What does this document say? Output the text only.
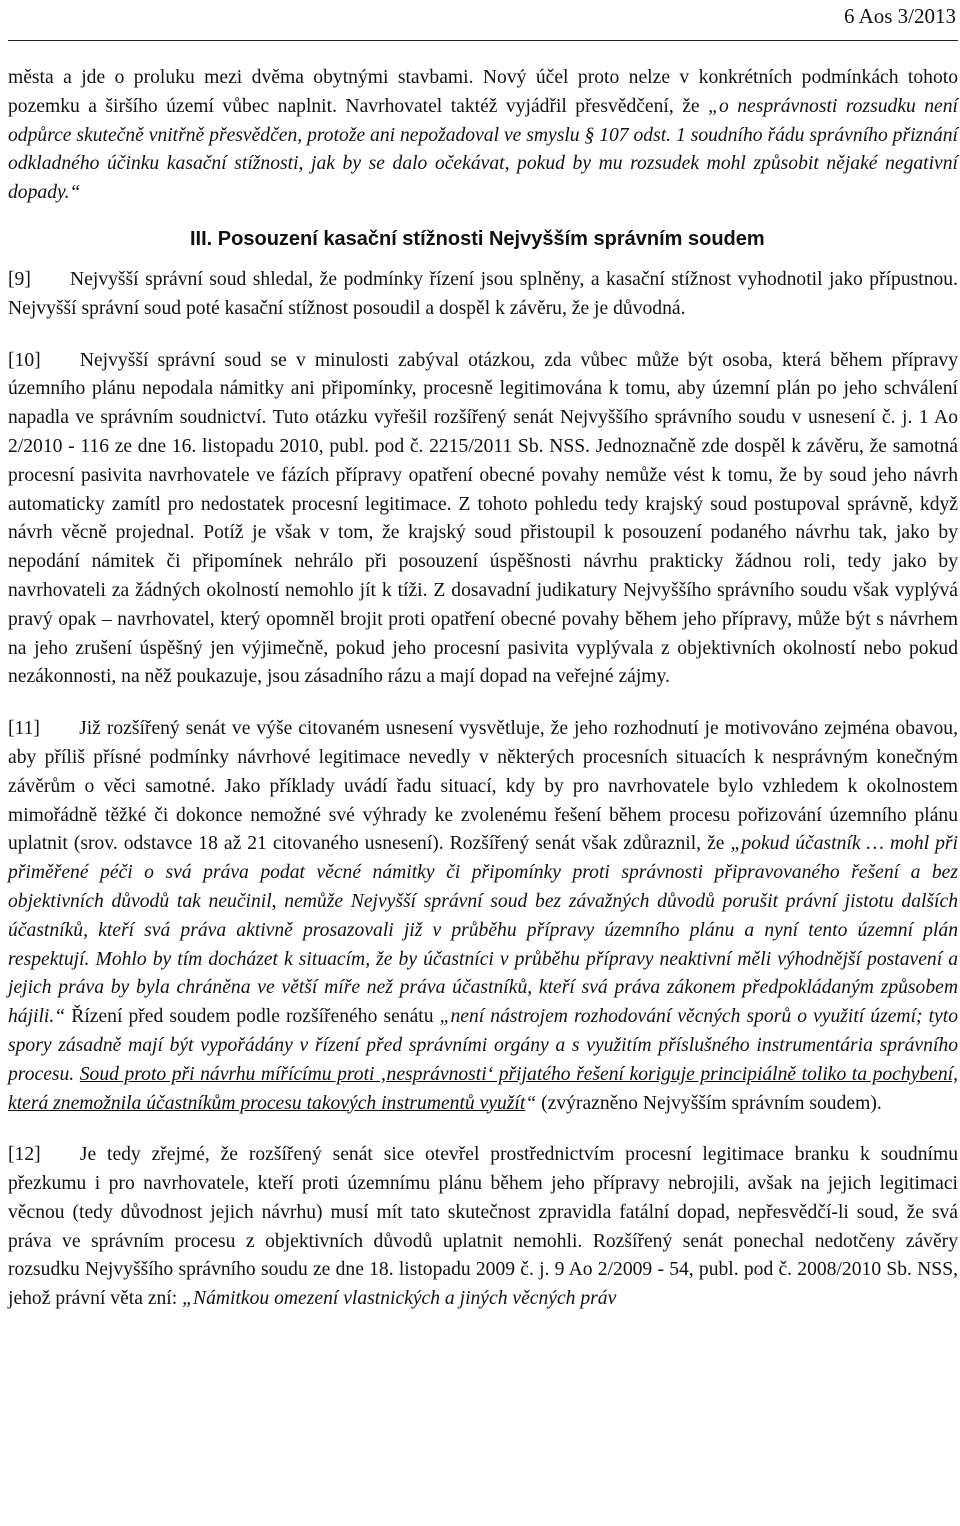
6 Aos 3/2013

města a jde o proluku mezi dvěma obytnými stavbami. Nový účel proto nelze v konkrétních podmínkách tohoto pozemku a širšího území vůbec naplnit. Navrhovatel taktéž vyjádřil přesvědčení, že „o nesprávnosti rozsudku není odpůrce skutečně vnitřně přesvědčen, protože ani nepožadoval ve smyslu § 107 odst. 1 soudního řádu správního přiznání odkladného účinku kasační stížnosti, jak by se dalo očekávat, pokud by mu rozsudek mohl způsobit nějaké negativní dopady.“

III. Posouzení kasační stížnosti Nejvyšším správním soudem

[9]  Nejvyšší správní soud shledal, že podmínky řízení jsou splněny, a kasační stížnost vyhodnotil jako přípustnou. Nejvyšší správní soud poté kasační stížnost posoudil a dospěl k závěru, že je důvodná.

[10]  Nejvyšší správní soud se v minulosti zabýval otázkou, zda vůbec může být osoba, která během přípravy územního plánu nepodala námitky ani připomínky, procesně legitimována k tomu, aby územní plán po jeho schválení napadla ve správním soudnictví. Tuto otázku vyřešil rozšířený senát Nejvyššího správního soudu v usnesení č. j. 1 Ao 2/2010 - 116 ze dne 16. listopadu 2010, publ. pod č. 2215/2011 Sb. NSS. Jednoznačně zde dospěl k závěru, že samotná procesní pasivita navrhovatele ve fázích přípravy opatření obecné povahy nemůže vést k tomu, že by soud jeho návrh automaticky zamítl pro nedostatek procesní legitimace. Z tohoto pohledu tedy krajský soud postupoval správně, když návrh věcně projednal. Potíž je však v tom, že krajský soud přistoupil k posouzení podaného návrhu tak, jako by nepodání námitek či připomínek nehrálo při posouzení úspěšnosti návrhu prakticky žádnou roli, tedy jako by navrhovateli za žádných okolností nemohlo jít k tíži. Z dosavadní judikatury Nejvyššího správního soudu však vyplývá pravý opak – navrhovatel, který opomněl brojit proti opatření obecné povahy během jeho přípravy, může být s návrhem na jeho zrušení úspěšný jen výjimečně, pokud jeho procesní pasivita vyplývala z objektivních okolností nebo pokud nezákonnosti, na něž poukazuje, jsou zásadního rázu a mají dopad na veřejné zájmy.

[11]  Již rozšířený senát ve výše citovaném usnesení vysvětluje, že jeho rozhodnutí je motivováno zejména obavou, aby příliš přísné podmínky návrhové legitimace nevedly v některých procesních situacích k nesprávným konečným závěrům o věci samotné. Jako příklady uvádí řadu situací, kdy by pro navrhovatele bylo vzhledem k okolnostem mimořádně těžké či dokonce nemožné své výhrady ke zvolenému řešení během procesu pořizování územního plánu uplatnit (srov. odstavce 18 až 21 citovaného usnesení). Rozšířený senát však zdůraznil, že „pokud účastník … mohl při přiměřené péči o svá práva podat věcné námitky či připomínky proti správnosti připravovaného řešení a bez objektivních důvodů tak neučinil, nemůže Nejvyšší správní soud bez závažných důvodů porušit právní jistotu dalších účastníků, kteří svá práva aktivně prosazovali již v průběhu přípravy územního plánu a nyní tento územní plán respektují. Mohlo by tím docházet k situacím, že by účastníci v průběhu přípravy neaktivní měli výhodnější postavení a jejich práva by byla chráněna ve větší míře než práva účastníků, kteří svá práva zákonem předpokládaným způsobem hájili.“ Řízení před soudem podle rozšířeného senátu „není nástrojem rozhodování věcných sporů o využití území; tyto spory zásadně mají být vypořádány v řízení před správními orgány a s využitím příslušného instrumentária správního procesu. Soud proto při návrhu mířícímu proti ‚nesprávnosti‘ přijatého řešení koriguje principiálně toliko ta pochybení, která znemožnila účastníkům procesu takových instrumentů využít“ (zvýrazněno Nejvyšším správním soudem).

[12]  Je tedy zřejmé, že rozšířený senát sice otevřel prostřednictvím procesní legitimace branku k soudnímu přezkumu i pro navrhovatele, kteří proti územnímu plánu během jeho přípravy nebrojili, avšak na jejich legitimaci věcnou (tedy důvodnost jejich návrhu) musí mít tato skutečnost zpravidla fatální dopad, nepřesvědčí-li soud, že svá práva ve správním procesu z objektivních důvodů uplatnit nemohli. Rozšířený senát ponechal nedotčeny závěry rozsudku Nejvyššího správního soudu ze dne 18. listopadu 2009 č. j. 9 Ao 2/2009 - 54, publ. pod č. 2008/2010 Sb. NSS, jehož právní věta zní: „Námitkou omezení vlastnických a jiných věcných práv
